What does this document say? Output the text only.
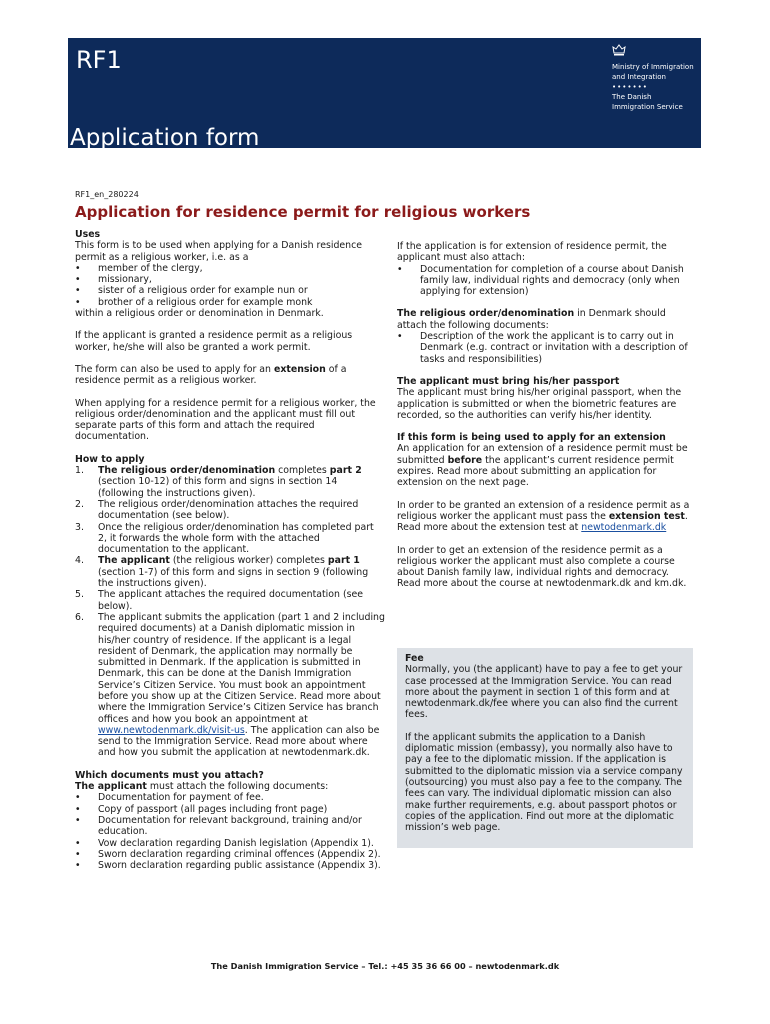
RF1
Application form
Ministry of Immigration
and Integration
•••••••
The Danish
Immigration Service
RF1_en_280224
Application for residence permit for religious workers

Uses

This form is to be used when applying for a Danish residence permit as a religious worker, i.e. as a

• member of the clergy,
• missionary,
• sister of a religious order for example nun or
• brother of a religious order for example monk

within a religious order or denomination in Denmark.

If the applicant is granted a residence permit as a religious worker, he/she will also be granted a work permit.

The form can also be used to apply for an extension of a residence permit as a religious worker.

When applying for a residence permit for a religious worker, the religious order/denomination and the applicant must fill out separate parts of this form and attach the required documentation.

How to apply

1. The religious order/denomination completes part 2 (section 10-12) of this form and signs in section 14 (following the instructions given).
2. The religious order/denomination attaches the required documentation (see below).
3. Once the religious order/denomination has completed part 2, it forwards the whole form with the attached documentation to the applicant.
4. The applicant (the religious worker) completes part 1 (section 1-7) of this form and signs in section 9 (following the instructions given).
5. The applicant attaches the required documentation (see below).
6. The applicant submits the application (part 1 and 2 including required documents) at a Danish diplomatic mission in his/her country of residence. If the applicant is a legal resident of Denmark, the application may normally be submitted in Denmark. If the application is submitted in Denmark, this can be done at the Danish Immigration Service’s Citizen Service. You must book an appointment before you show up at the Citizen Service. Read more about where the Immigration Service’s Citizen Service has branch offices and how you book an appointment at www.newtodenmark.dk/visit-us. The application can also be send to the Immigration Service. Read more about where and how you submit the application at newtodenmark.dk.

Which documents must you attach?

The applicant must attach the following documents:

• Documentation for payment of fee.
• Copy of passport (all pages including front page)
• Documentation for relevant background, training and/or education.
• Vow declaration regarding Danish legislation (Appendix 1).
• Sworn declaration regarding criminal offences (Appendix 2).
• Sworn declaration regarding public assistance (Appendix 3).

If the application is for extension of residence permit, the applicant must also attach:

• Documentation for completion of a course about Danish family law, individual rights and democracy (only when applying for extension)

The religious order/denomination in Denmark should attach the following documents:

• Description of the work the applicant is to carry out in Denmark (e.g. contract or invitation with a description of tasks and responsibilities)

The applicant must bring his/her passport

The applicant must bring his/her original passport, when the application is submitted or when the biometric features are recorded, so the authorities can verify his/her identity.

If this form is being used to apply for an extension

An application for an extension of a residence permit must be submitted before the applicant’s current residence permit expires. Read more about submitting an application for extension on the next page.

In order to be granted an extension of a residence permit as a religious worker the applicant must pass the extension test. Read more about the extension test at newtodenmark.dk

In order to get an extension of the residence permit as a religious worker the applicant must also complete a course about Danish family law, individual rights and democracy. Read more about the course at newtodenmark.dk and km.dk.

Fee

Normally, you (the applicant) have to pay a fee to get your case processed at the Immigration Service. You can read more about the payment in section 1 of this form and at newtodenmark.dk/fee where you can also find the current fees.

If the applicant submits the application to a Danish diplomatic mission (embassy), you normally also have to pay a fee to the diplomatic mission. If the application is submitted to the diplomatic mission via a service company (outsourcing) you must also pay a fee to the company. The fees can vary. The individual diplomatic mission can also make further requirements, e.g. about passport photos or copies of the application. Find out more at the diplomatic mission’s web page.

The Danish Immigration Service – Tel.: +45 35 36 66 00 – newtodenmark.dk
